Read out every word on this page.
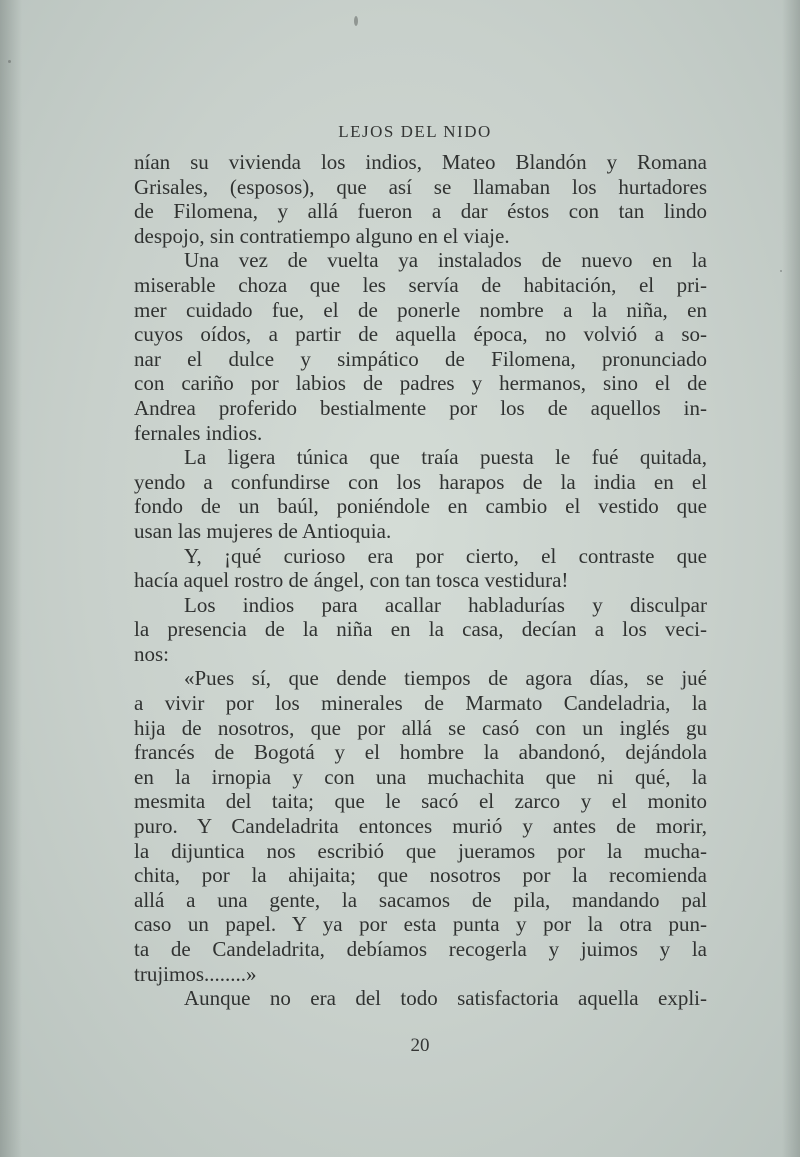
LEJOS DEL NIDO
nían su vivienda los indios, Mateo Blandón y Romana
Grisales, (esposos), que así se llamaban los hurtadores
de Filomena, y allá fueron a dar éstos con tan lindo
despojo, sin contratiempo alguno en el viaje.
Una vez de vuelta ya instalados de nuevo en la
miserable choza que les servía de habitación, el pri-
mer cuidado fue, el de ponerle nombre a la niña, en
cuyos oídos, a partir de aquella época, no volvió a so-
nar el dulce y simpático de Filomena, pronunciado
con cariño por labios de padres y hermanos, sino el de
Andrea proferido bestialmente por los de aquellos in-
fernales indios.
La ligera túnica que traía puesta le fué quitada,
yendo a confundirse con los harapos de la india en el
fondo de un baúl, poniéndole en cambio el vestido que
usan las mujeres de Antioquia.
Y, ¡qué curioso era por cierto, el contraste que
hacía aquel rostro de ángel, con tan tosca vestidura!
Los indios para acallar habladurías y disculpar
la presencia de la niña en la casa, decían a los veci-
nos:
«Pues sí, que dende tiempos de agora días, se jué
a vivir por los minerales de Marmato Candeladria, la
hija de nosotros, que por allá se casó con un inglés gu
francés de Bogotá y el hombre la abandonó, dejándola
en la irnopia y con una muchachita que ni qué, la
mesmita del taita; que le sacó el zarco y el monito
puro. Y Candeladrita entonces murió y antes de morir,
la dijuntica nos escribió que jueramos por la mucha-
chita, por la ahijaita; que nosotros por la recomienda
allá a una gente, la sacamos de pila, mandando pal
caso un papel. Y ya por esta punta y por la otra pun-
ta de Candeladrita, debíamos recogerla y juimos y la
trujimos........»
Aunque no era del todo satisfactoria aquella expli-
20
